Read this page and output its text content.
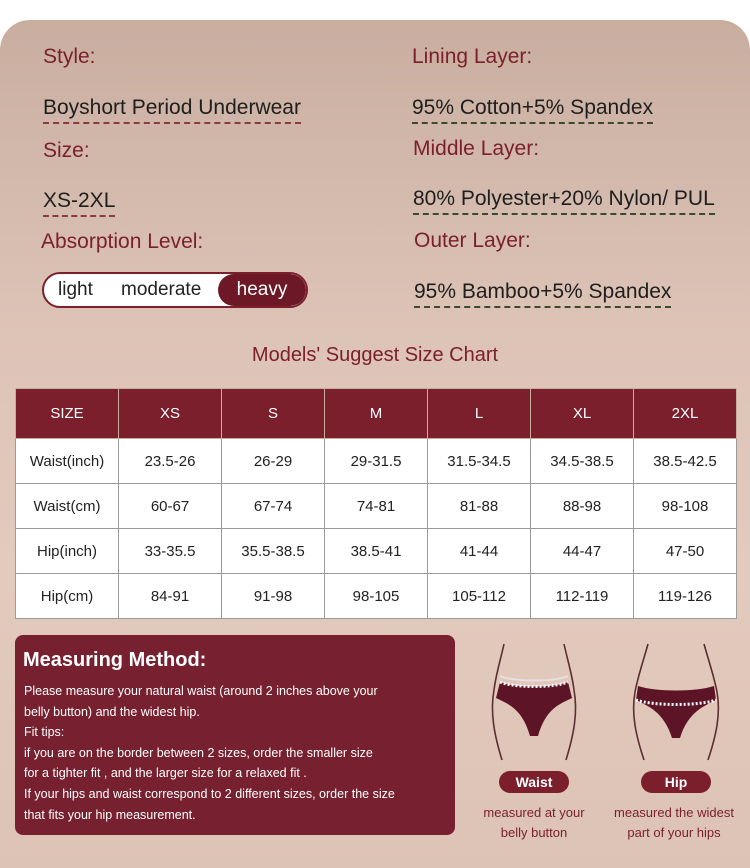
Style:
Boyshort Period Underwear
Size:
XS-2XL
Absorption Level:
light moderate	heavy
Lining Layer:
95% Cotton+5% Spandex
Middle Layer:
80% Polyester+20% Nylon/ PUL
Outer Layer:
95% Bamboo+5% Spandex
Models' Suggest Size Chart
SIZE	XS	S	M	L	XL	2XL
Waist(inch)	23.5-26	26-29	29-31.5	31.5-34.5	34.5-38.5	38.5-42.5
Waist(cm)	60-67	67-74	74-81	81-88	88-98	98-108
Hip(inch)	33-35.5	35.5-38.5	38.5-41	41-44	44-47	47-50
Hip(cm)	84-91	91-98	98-105	105-112	112-119	119-126
Measuring Method:
Please measure your natural waist (around 2 inches above your
belly button) and the widest hip.
Fit tips:
if you are on the border between 2 sizes, order the smaller size
for a tighter fit , and the larger size for a relaxed fit .
If your hips and waist correspond to 2 different sizes, order the size
that fits your hip measurement.
Waist
measured at your
belly button
Hip
measured the widest
part of your hips
